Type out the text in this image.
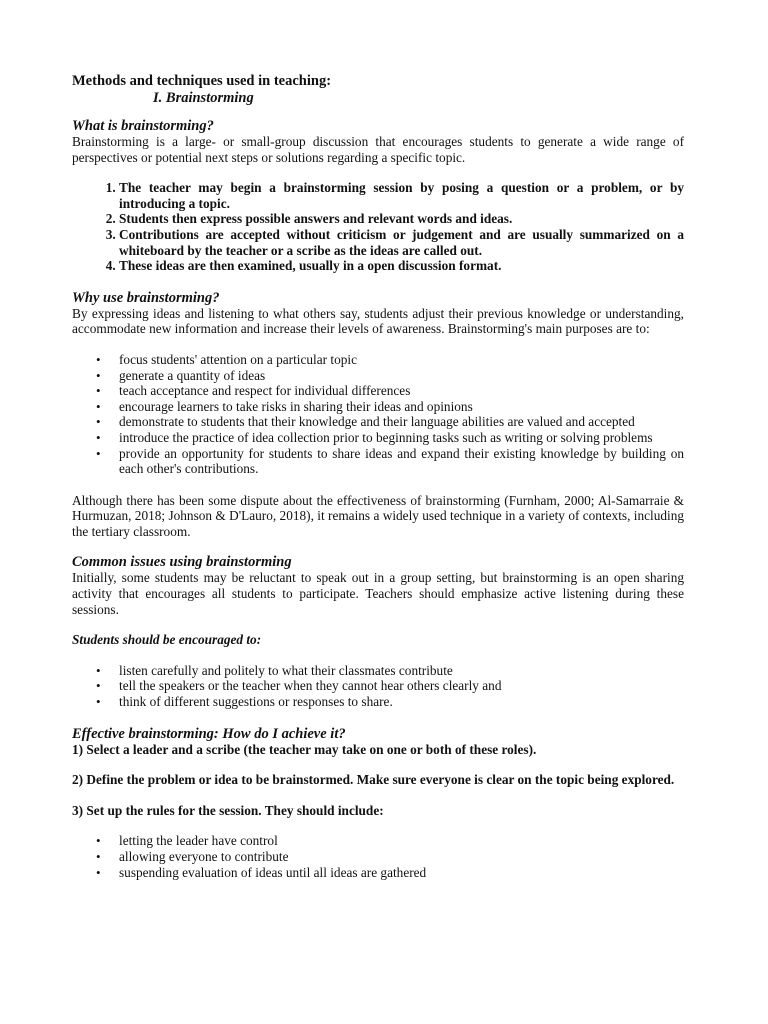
Methods and techniques used in teaching:

I. Brainstorming

What is brainstorming?

Brainstorming is a large- or small-group discussion that encourages students to generate a wide range of perspectives or potential next steps or solutions regarding a specific topic.

1. The teacher may begin a brainstorming session by posing a question or a problem, or by introducing a topic.
2. Students then express possible answers and relevant words and ideas.
3. Contributions are accepted without criticism or judgement and are usually summarized on a whiteboard by the teacher or a scribe as the ideas are called out.
4. These ideas are then examined, usually in a open discussion format.

Why use brainstorming?

By expressing ideas and listening to what others say, students adjust their previous knowledge or understanding, accommodate new information and increase their levels of awareness. Brainstorming's main purposes are to:

• focus students' attention on a particular topic
• generate a quantity of ideas
• teach acceptance and respect for individual differences
• encourage learners to take risks in sharing their ideas and opinions
• demonstrate to students that their knowledge and their language abilities are valued and accepted
• introduce the practice of idea collection prior to beginning tasks such as writing or solving problems
• provide an opportunity for students to share ideas and expand their existing knowledge by building on each other's contributions.

Although there has been some dispute about the effectiveness of brainstorming (Furnham, 2000; Al-Samarraie & Hurmuzan, 2018; Johnson & D'Lauro, 2018), it remains a widely used technique in a variety of contexts, including the tertiary classroom.

Common issues using brainstorming

Initially, some students may be reluctant to speak out in a group setting, but brainstorming is an open sharing activity that encourages all students to participate. Teachers should emphasize active listening during these sessions.

Students should be encouraged to:

• listen carefully and politely to what their classmates contribute
• tell the speakers or the teacher when they cannot hear others clearly and
• think of different suggestions or responses to share.

Effective brainstorming: How do I achieve it?

1) Select a leader and a scribe (the teacher may take on one or both of these roles).

2) Define the problem or idea to be brainstormed. Make sure everyone is clear on the topic being explored.

3) Set up the rules for the session. They should include:

• letting the leader have control
• allowing everyone to contribute
• suspending evaluation of ideas until all ideas are gathered
